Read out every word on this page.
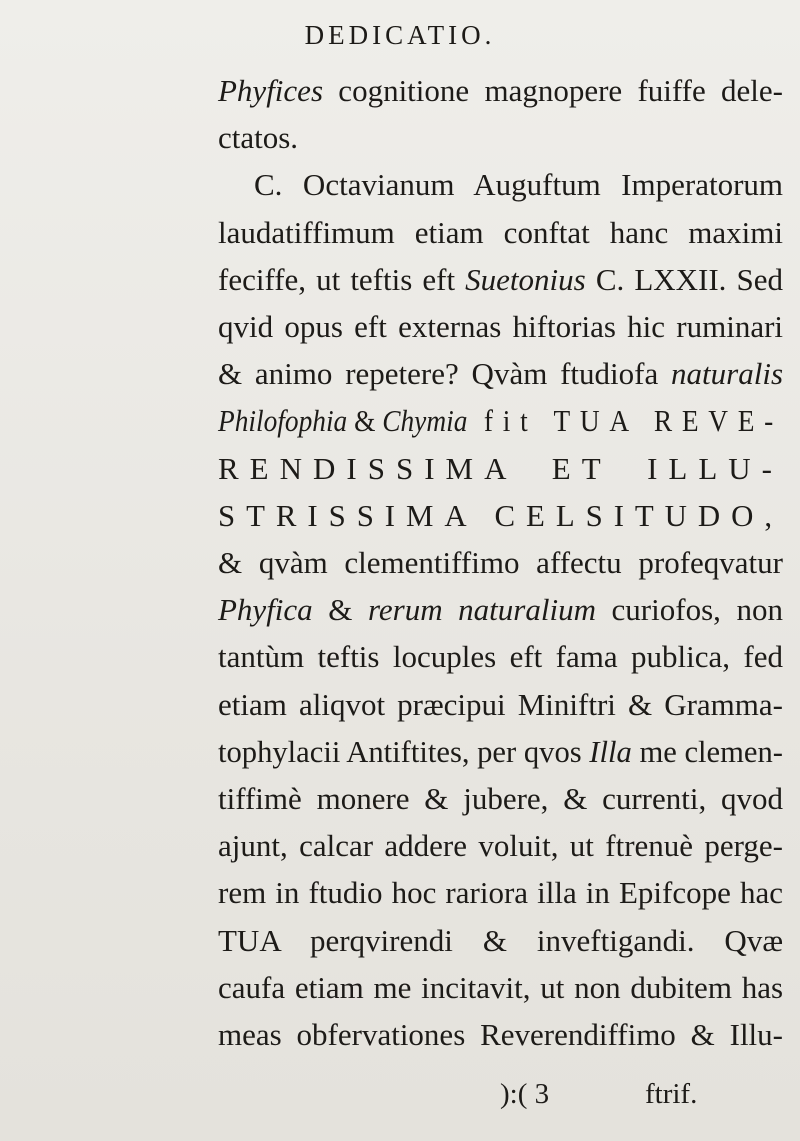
DEDICATIO.
Phyfices cognitione magnopere fuiffe dele-
ctatos.
C. Octavianum Auguftum Imperatorum
laudatiffimum etiam conftat hanc maximi
feciffe, ut teftis eft Suetonius C. LXXII. Sed
qvid opus eft externas hiftorias hic ruminari
& animo repetere? Qvàm ftudiofa naturalis
Philofophia & Chymia fit TUA REVE-
RENDISSIMA ET ILLU-
STRISSIMA CELSITUDO,
& qvàm clementiffimo affectu profeqvatur
Phyfica & rerum naturalium curiofos, non
tantùm teftis locuples eft fama publica, fed
etiam aliqvot præcipui Miniftri & Gramma-
tophylacii Antiftites, per qvos Illa me clemen-
tiffimè monere & jubere, & currenti, qvod
ajunt, calcar addere voluit, ut ftrenuè perge-
rem in ftudio hoc rariora illa in Epifcope hac
TUA perqvirendi & inveftigandi. Qvæ
caufa etiam me incitavit, ut non dubitem has
meas obfervationes Reverendiffimo & Illu-
):( 3	ftrif.
